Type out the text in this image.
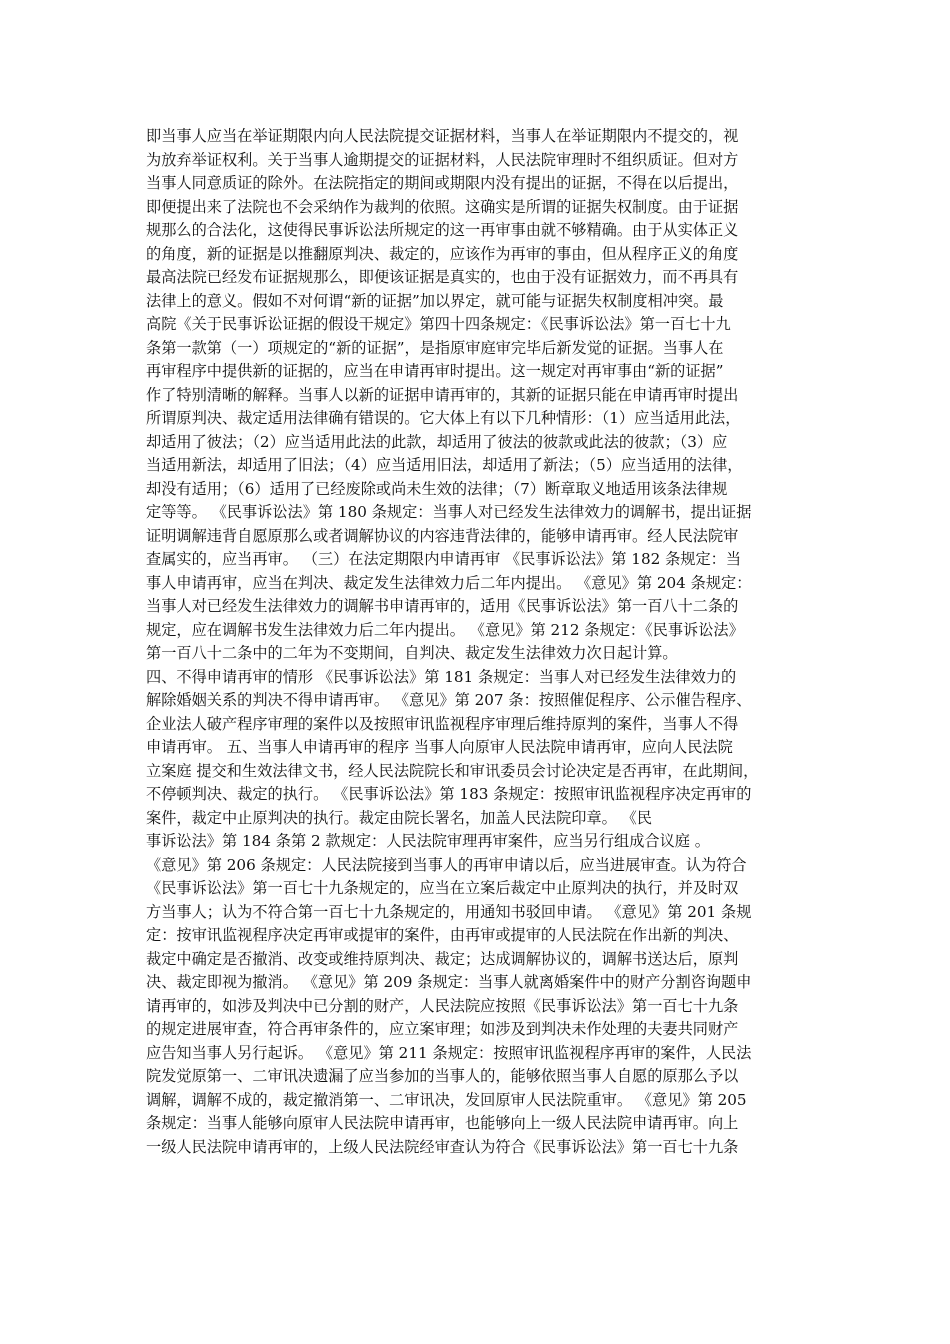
即当事人应当在举证期限内向人民法院提交证据材料，当事人在举证期限内不提交的，视
为放弃举证权利。关于当事人逾期提交的证据材料，人民法院审理时不组织质证。但对方
当事人同意质证的除外。在法院指定的期间或期限内没有提出的证据，不得在以后提出，
即便提出来了法院也不会采纳作为裁判的依照。这确实是所谓的证据失权制度。由于证据
规那么的合法化，这使得民事诉讼法所规定的这一再审事由就不够精确。由于从实体正义
的角度，新的证据是以推翻原判决、裁定的，应该作为再审的事由，但从程序正义的角度
最高法院已经发布证据规那么，即便该证据是真实的，也由于没有证据效力，而不再具有
法律上的意义。假如不对何谓“新的证据”加以界定，就可能与证据失权制度相冲突。最
高院《关于民事诉讼证据的假设干规定》第四十四条规定：《民事诉讼法》第一百七十九
条第一款第（一）项规定的“新的证据”，是指原审庭审完毕后新发觉的证据。当事人在
再审程序中提供新的证据的，应当在申请再审时提出。这一规定对再审事由“新的证据”
作了特别清晰的解释。当事人以新的证据申请再审的，其新的证据只能在申请再审时提出
所谓原判决、裁定适用法律确有错误的。它大体上有以下几种情形：（1）应当适用此法，
却适用了彼法；（2）应当适用此法的此款，却适用了彼法的彼款或此法的彼款；（3）应
当适用新法，却适用了旧法；（4）应当适用旧法，却适用了新法；（5）应当适用的法律，
却没有适用；（6）适用了已经废除或尚未生效的法律；（7）断章取义地适用该条法律规
定等等。 《民事诉讼法》第 180 条规定：当事人对已经发生法律效力的调解书，提出证据
证明调解违背自愿原那么或者调解协议的内容违背法律的，能够申请再审。经人民法院审
查属实的，应当再审。 （三）在法定期限内申请再审 《民事诉讼法》第 182 条规定：当
事人申请再审，应当在判决、裁定发生法律效力后二年内提出。 《意见》第 204 条规定：
当事人对已经发生法律效力的调解书申请再审的，适用《民事诉讼法》第一百八十二条的
规定，应在调解书发生法律效力后二年内提出。 《意见》第 212 条规定：《民事诉讼法》
第一百八十二条中的二年为不变期间，自判决、裁定发生法律效力次日起计算。
四、不得申请再审的情形 《民事诉讼法》第 181 条规定：当事人对已经发生法律效力的
解除婚姻关系的判决不得申请再审。 《意见》第 207 条：按照催促程序、公示催告程序、
企业法人破产程序审理的案件以及按照审讯监视程序审理后维持原判的案件，当事人不得
申请再审。 五、当事人申请再审的程序 当事人向原审人民法院申请再审，应向人民法院
立案庭 提交和生效法律文书，经人民法院院长和审讯委员会讨论决定是否再审，在此期间，
不停顿判决、裁定的执行。 《民事诉讼法》第 183 条规定：按照审讯监视程序决定再审的
案件，裁定中止原判决的执行。裁定由院长署名，加盖人民法院印章。 《民
事诉讼法》第 184 条第 2 款规定：人民法院审理再审案件，应当另行组成合议庭 。
《意见》第 206 条规定：人民法院接到当事人的再审申请以后，应当进展审查。认为符合
《民事诉讼法》第一百七十九条规定的，应当在立案后裁定中止原判决的执行，并及时双
方当事人；认为不符合第一百七十九条规定的，用通知书驳回申请。 《意见》第 201 条规
定：按审讯监视程序决定再审或提审的案件，由再审或提审的人民法院在作出新的判决、
裁定中确定是否撤消、改变或维持原判决、裁定；达成调解协议的，调解书送达后，原判
决、裁定即视为撤消。 《意见》第 209 条规定：当事人就离婚案件中的财产分割咨询题申
请再审的，如涉及判决中已分割的财产，人民法院应按照《民事诉讼法》第一百七十九条
的规定进展审查，符合再审条件的，应立案审理；如涉及到判决未作处理的夫妻共同财产
应告知当事人另行起诉。 《意见》第 211 条规定：按照审讯监视程序再审的案件，人民法
院发觉原第一、二审讯决遗漏了应当参加的当事人的，能够依照当事人自愿的原那么予以
调解，调解不成的，裁定撤消第一、二审讯决，发回原审人民法院重审。 《意见》第 205
条规定：当事人能够向原审人民法院申请再审，也能够向上一级人民法院申请再审。向上
一级人民法院申请再审的，上级人民法院经审查认为符合《民事诉讼法》第一百七十九条
